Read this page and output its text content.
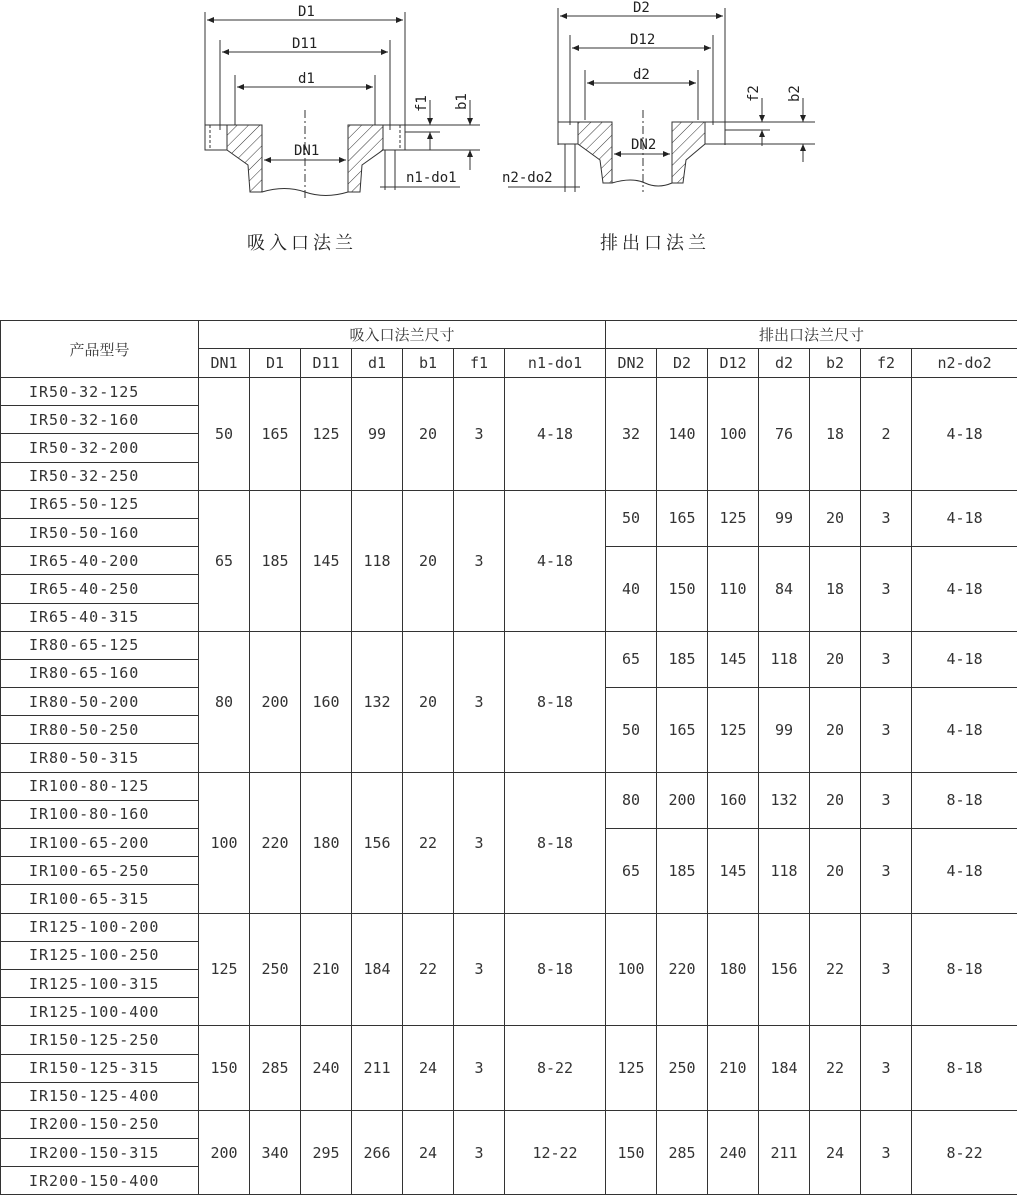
D1
D11
d1
f1 b1
DN1
n1-do1
吸入口法兰
D2
D12
d2
f2 b2
DN2
n2-do2
排出口法兰
产品型号	吸入口法兰尺寸							排出口法兰尺寸						
	DN1	D1	D11	d1	b1	f1	n1-do1	DN2	D2	D12	d2	b2	f2	n2-do2
IR50-32-125	50	165	125	99	20	3	4-18	32	140	100	76	18	2	4-18
IR50-32-160														
IR50-32-200														
IR50-32-250														
IR65-50-125	65	185	145	118	20	3	4-18	50	165	125	99	20	3	4-18
IR50-50-160														
IR65-40-200								40	150	110	84	18	3	4-18
IR65-40-250														
IR65-40-315														
IR80-65-125	80	200	160	132	20	3	8-18	65	185	145	118	20	3	4-18
IR80-65-160														
IR80-50-200								50	165	125	99	20	3	4-18
IR80-50-250														
IR80-50-315														
IR100-80-125	100	220	180	156	22	3	8-18	80	200	160	132	20	3	8-18
IR100-80-160														
IR100-65-200								65	185	145	118	20	3	4-18
IR100-65-250														
IR100-65-315														
IR125-100-200	125	250	210	184	22	3	8-18	100	220	180	156	22	3	8-18
IR125-100-250														
IR125-100-315														
IR125-100-400														
IR150-125-250	150	285	240	211	24	3	8-22	125	250	210	184	22	3	8-18
IR150-125-315														
IR150-125-400														
IR200-150-250	200	340	295	266	24	3	12-22	150	285	240	211	24	3	8-22
IR200-150-315														
IR200-150-400														
